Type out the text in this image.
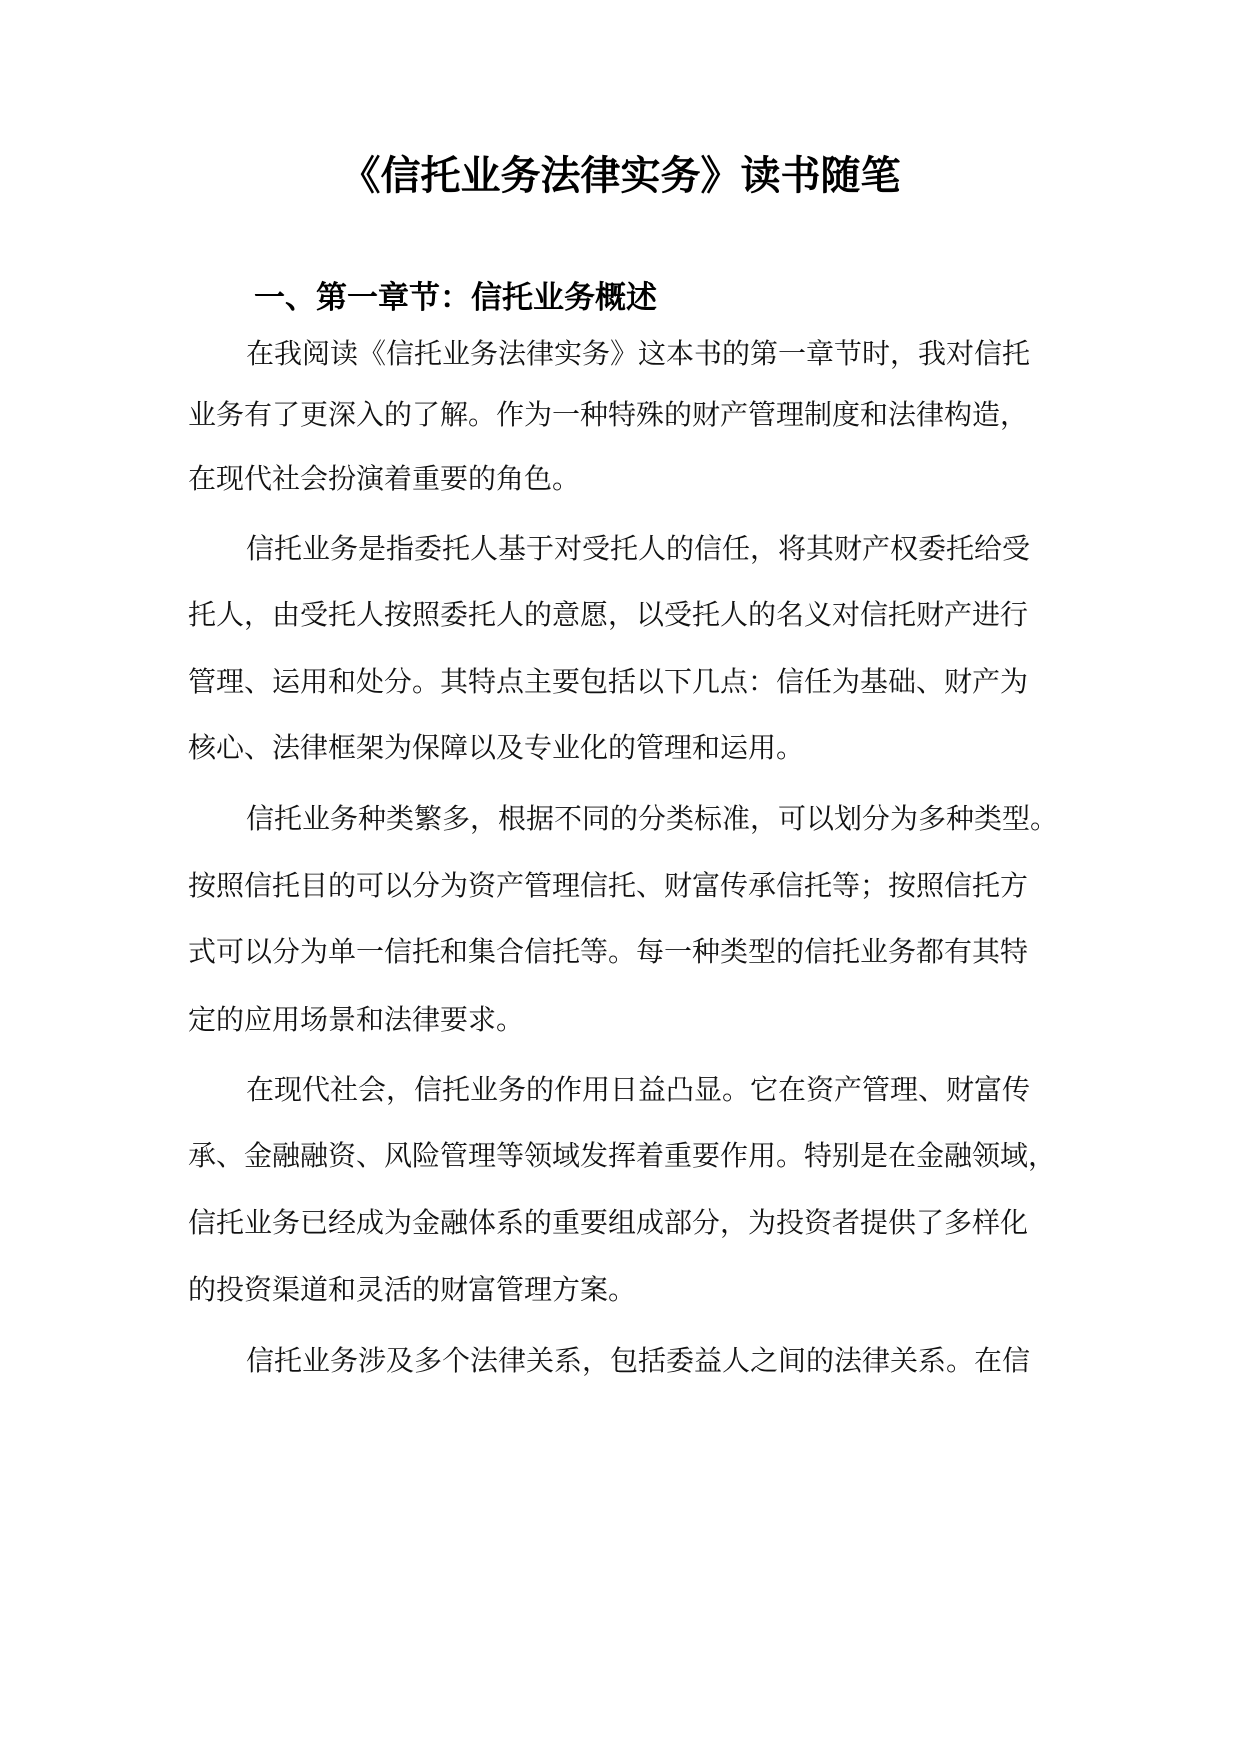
《信托业务法律实务》读书随笔
一、第一章节：信托业务概述

在我阅读《信托业务法律实务》这本书的第一章节时，我对信托

业务有了更深入的了解。作为一种特殊的财产管理制度和法律构造，

在现代社会扮演着重要的角色。

信托业务是指委托人基于对受托人的信任，将其财产权委托给受

托人，由受托人按照委托人的意愿，以受托人的名义对信托财产进行

管理、运用和处分。其特点主要包括以下几点：信任为基础、财产为

核心、法律框架为保障以及专业化的管理和运用。

信托业务种类繁多，根据不同的分类标准，可以划分为多种类型。

按照信托目的可以分为资产管理信托、财富传承信托等；按照信托方

式可以分为单一信托和集合信托等。每一种类型的信托业务都有其特

定的应用场景和法律要求。

在现代社会，信托业务的作用日益凸显。它在资产管理、财富传

承、金融融资、风险管理等领域发挥着重要作用。特别是在金融领域，

信托业务已经成为金融体系的重要组成部分，为投资者提供了多样化

的投资渠道和灵活的财富管理方案。

信托业务涉及多个法律关系，包括委益人之间的法律关系。在信
